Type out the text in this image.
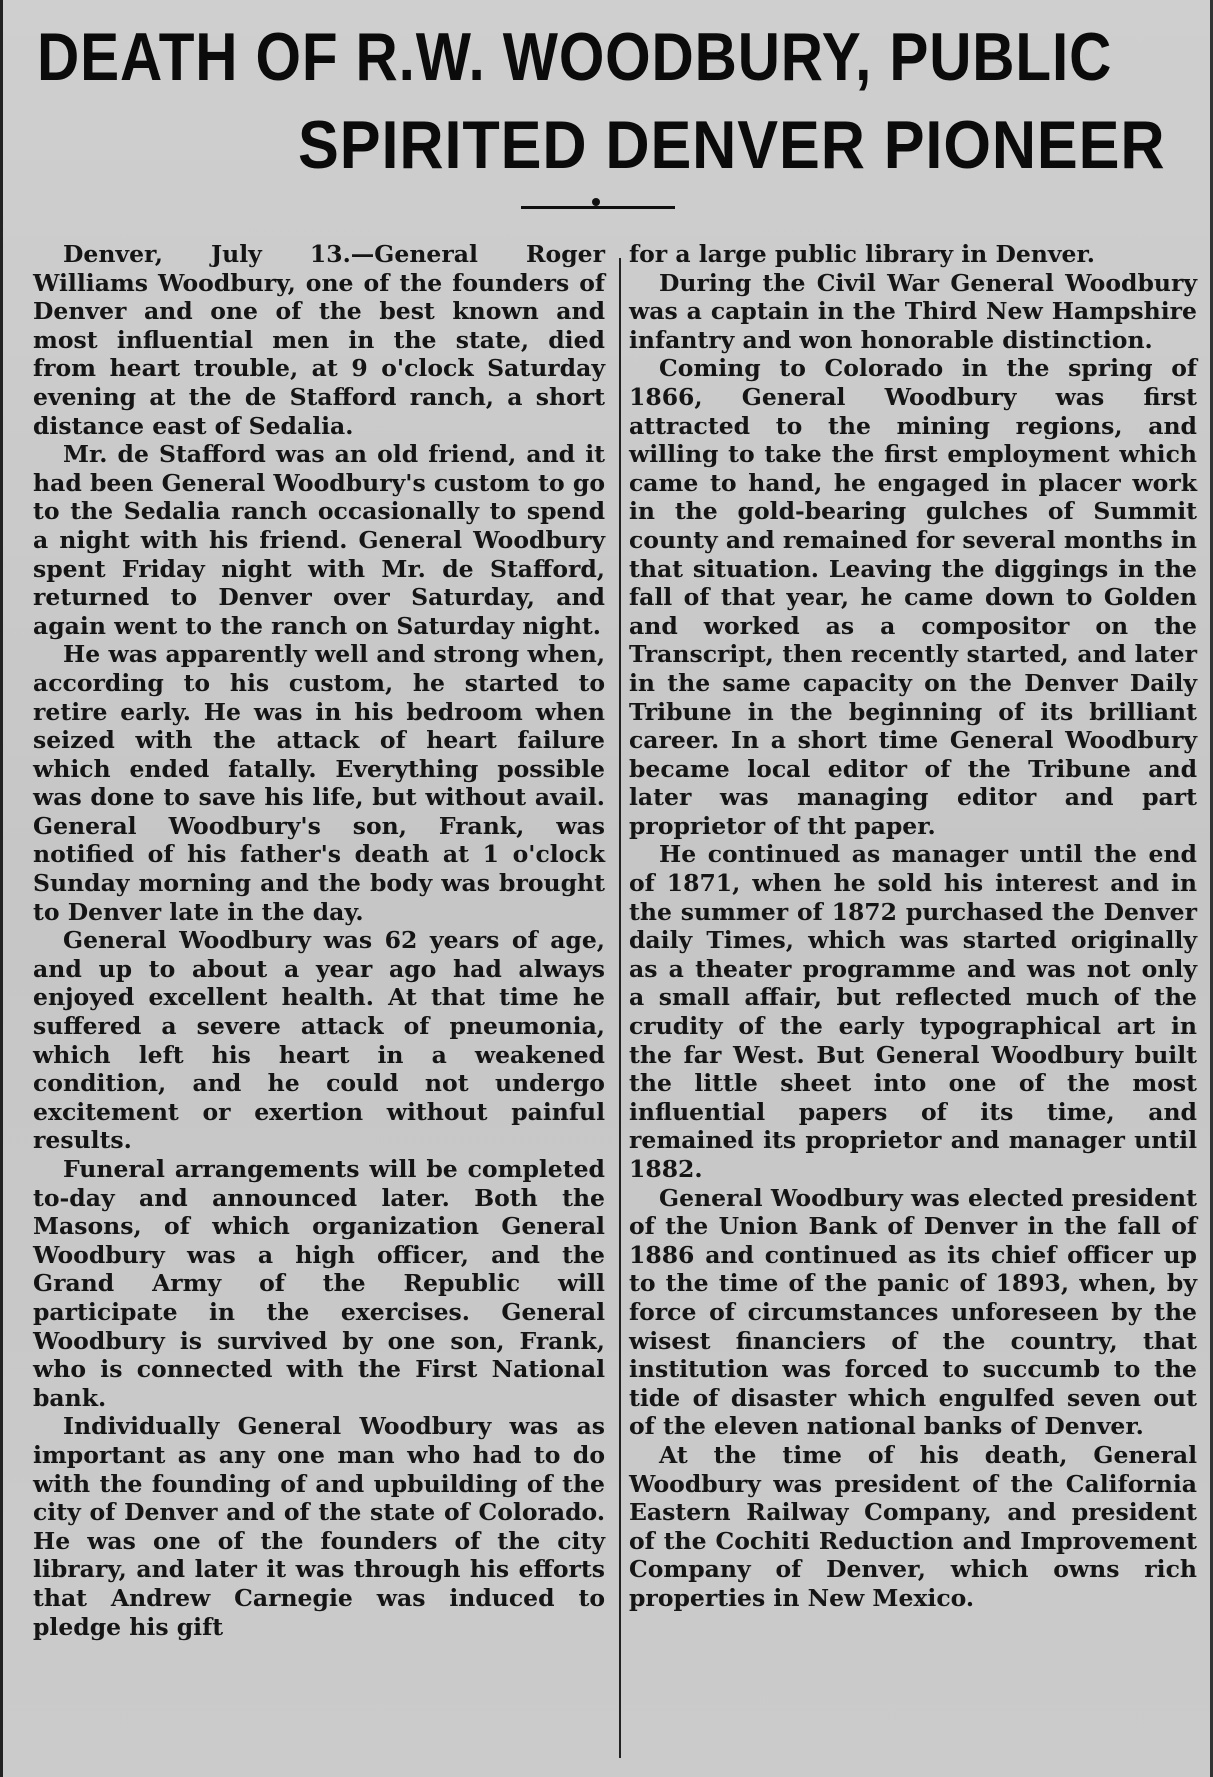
DEATH OF R.W. WOODBURY, PUBLIC
SPIRITED DENVER PIONEER

Denver, July 13.—General Roger Williams Woodbury, one of the founders of Denver and one of the best known and most influential men in the state, died from heart trouble, at 9 o'clock Saturday evening at the de Stafford ranch, a short distance east of Sedalia.

Mr. de Stafford was an old friend, and it had been General Woodbury's custom to go to the Sedalia ranch occasionally to spend a night with his friend. General Woodbury spent Friday night with Mr. de Stafford, returned to Denver over Saturday, and again went to the ranch on Saturday night.

He was apparently well and strong when, according to his custom, he started to retire early. He was in his bedroom when seized with the attack of heart failure which ended fatally. Everything possible was done to save his life, but without avail. General Woodbury's son, Frank, was notified of his father's death at 1 o'clock Sunday morning and the body was brought to Denver late in the day.

General Woodbury was 62 years of age, and up to about a year ago had always enjoyed excellent health. At that time he suffered a severe attack of pneumonia, which left his heart in a weakened condition, and he could not undergo excitement or exertion without painful results.

Funeral arrangements will be completed to-day and announced later. Both the Masons, of which organization General Woodbury was a high officer, and the Grand Army of the Republic will participate in the exercises. General Woodbury is survived by one son, Frank, who is connected with the First National bank.

Individually General Woodbury was as important as any one man who had to do with the founding of and upbuilding of the city of Denver and of the state of Colorado. He was one of the founders of the city library, and later it was through his efforts that Andrew Carnegie was induced to pledge his gift

for a large public library in Denver.

During the Civil War General Woodbury was a captain in the Third New Hampshire infantry and won honorable distinction.

Coming to Colorado in the spring of 1866, General Woodbury was first attracted to the mining regions, and willing to take the first employment which came to hand, he engaged in placer work in the gold-bearing gulches of Summit county and remained for several months in that situation. Leaving the diggings in the fall of that year, he came down to Golden and worked as a compositor on the Transcript, then recently started, and later in the same capacity on the Denver Daily Tribune in the beginning of its brilliant career. In a short time General Woodbury became local editor of the Tribune and later was managing editor and part proprietor of tht paper.

He continued as manager until the end of 1871, when he sold his interest and in the summer of 1872 purchased the Denver daily Times, which was started originally as a theater programme and was not only a small affair, but reflected much of the crudity of the early typographical art in the far West. But General Woodbury built the little sheet into one of the most influential papers of its time, and remained its proprietor and manager until 1882.

General Woodbury was elected president of the Union Bank of Denver in the fall of 1886 and continued as its chief officer up to the time of the panic of 1893, when, by force of circumstances unforeseen by the wisest financiers of the country, that institution was forced to succumb to the tide of disaster which engulfed seven out of the eleven national banks of Denver.

At the time of his death, General Woodbury was president of the California Eastern Railway Company, and president of the Cochiti Reduction and Improvement Company of Denver, which owns rich properties in New Mexico.
